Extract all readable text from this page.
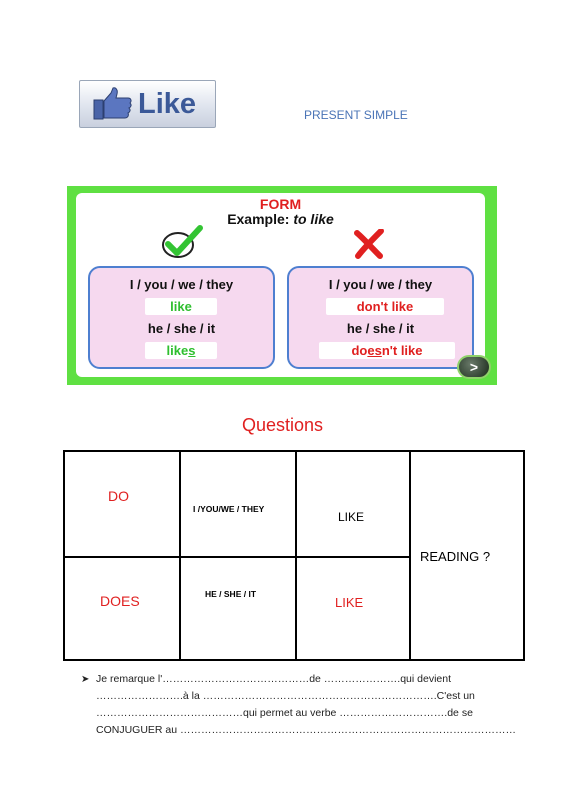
Like	PRESENT SIMPLE
FORM
Example: to like
I / you / we / they
like
he / she / it
likes
I / you / we / they
don't like
he / she / it
doesn't like
>
Questions
DO
I /YOU/WE / THEY
LIKE
DOES	HE / SHE / IT
LIKE
READING ?
➤ Je remarque l'……………………………………de ………………….qui devient

…………………….à la ………………………………………………………….C'est un

……………………………………qui permet au verbe ………………………….de se

CONJUGUER au ……………………………………………………………………………………
